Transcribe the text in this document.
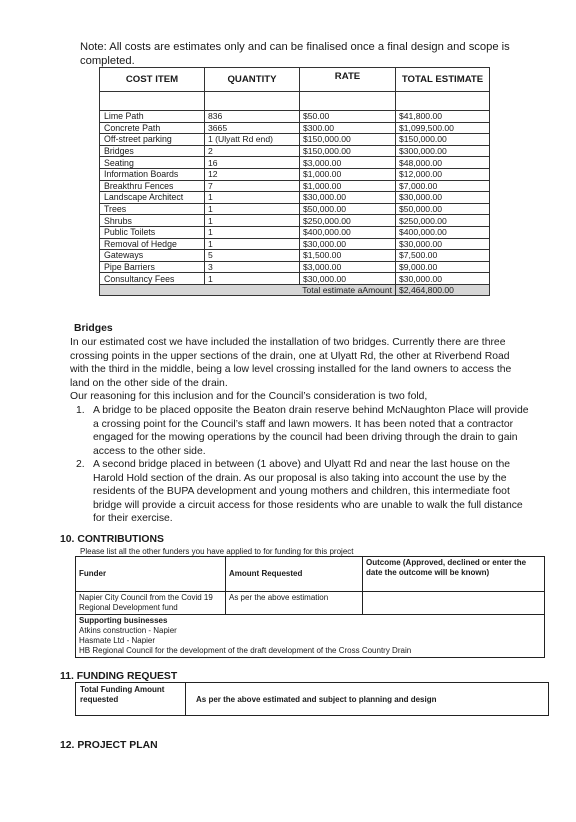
Note: All costs are estimates only and can be finalised once a final design and scope is completed.
COST ITEM	QUANTITY	RATE	TOTAL ESTIMATE

Lime Path	836	$50.00	$41,800.00
Concrete Path	3665	$300.00	$1,099,500.00
Off-street parking	1 (Ulyatt Rd end)	$150,000.00	$150,000.00
Bridges	2	$150,000.00	$300,000.00
Seating	16	$3,000.00	$48,000.00
Information Boards	12	$1,000.00	$12,000.00
Breakthru Fences	7	$1,000.00	$7,000.00
Landscape Architect	1	$30,000.00	$30,000.00
Trees	1	$50,000.00	$50,000.00
Shrubs	1	$250,000.00	$250,000.00
Public Toilets	1	$400,000.00	$400,000.00
Removal of Hedge	1	$30,000.00	$30,000.00
Gateways	5	$1,500.00	$7,500.00
Pipe Barriers	3	$3,000.00	$9,000.00
Consultancy Fees	1	$30,000.00	$30,000.00
Total estimate aAmount			$2,464,800.00
Bridges
In our estimated cost we have included the installation of two bridges. Currently there are three crossing points in the upper sections of the drain, one at Ulyatt Rd, the other at Riverbend Road with the third in the middle, being a low level crossing installed for the land owners to access the land on the other side of the drain.
Our reasoning for this inclusion and for the Council’s consideration is two fold,
1. A bridge to be placed opposite the Beaton drain reserve behind McNaughton Place will provide a crossing point for the Council’s staff and lawn mowers. It has been noted that a contractor engaged for the mowing operations by the council had been driving through the drain to gain access to the other side.
2. A second bridge placed in between (1 above) and Ulyatt Rd and near the last house on the Harold Hold section of the drain. As our proposal is also taking into account the use by the residents of the BUPA development and young mothers and children, this intermediate foot bridge will provide a circuit access for those residents who are unable to walk the full distance for their exercise.
10. CONTRIBUTIONS
Please list all the other funders you have applied to for funding for this project
Funder	Amount Requested	Outcome (Approved, declined or enter the date the outcome will be known)
Napier City Council from the Covid 19 Regional Development fund	As per the above estimation	

Supporting businesses
Atkins construction - Napier
Hasmate Ltd - Napier
HB Regional Council for the development of the draft development of the Cross Country Drain		
11. FUNDING REQUEST
Total Funding Amount requested	As per the above estimated and subject to planning and design
12. PROJECT PLAN
